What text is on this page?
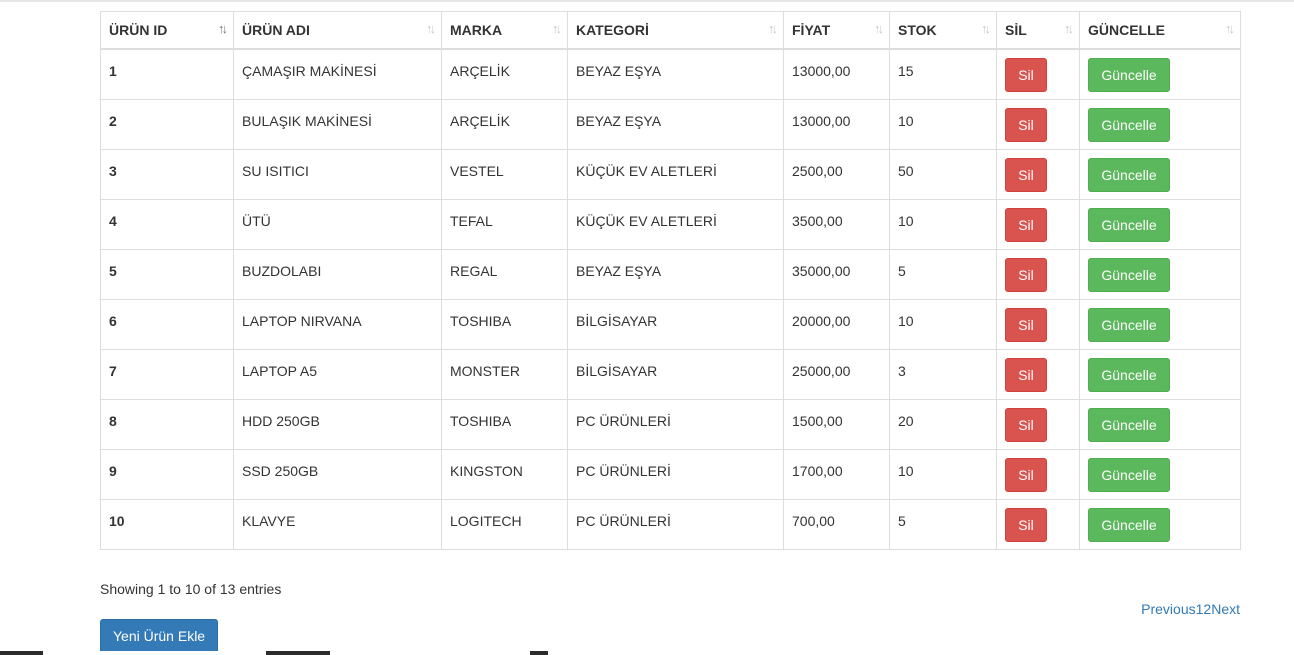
ÜRÜN ID ↑↓	ÜRÜN ADI ↑↓	MARKA ↑↓	KATEGORİ ↑↓	FİYAT ↑↓	STOK ↑↓	SİL ↑↓	GÜNCELLE ↑↓

1	ÇAMAŞIR MAKİNESİ	ARÇELİK	BEYAZ EŞYA	13000,00	15	Sil	Güncelle
2	BULAŞIK MAKİNESİ	ARÇELİK	BEYAZ EŞYA	13000,00	10	Sil	Güncelle
3	SU ISITICI	VESTEL	KÜÇÜK EV ALETLERİ	2500,00	50	Sil	Güncelle
4	ÜTÜ	TEFAL	KÜÇÜK EV ALETLERİ	3500,00	10	Sil	Güncelle
5	BUZDOLABI	REGAL	BEYAZ EŞYA	35000,00	5	Sil	Güncelle
6	LAPTOP NIRVANA	TOSHIBA	BİLGİSAYAR	20000,00	10	Sil	Güncelle
7	LAPTOP A5	MONSTER	BİLGİSAYAR	25000,00	3	Sil	Güncelle
8	HDD 250GB	TOSHIBA	PC ÜRÜNLERİ	1500,00	20	Sil	Güncelle
9	SSD 250GB	KINGSTON	PC ÜRÜNLERİ	1700,00	10	Sil	Güncelle
10	KLAVYE	LOGITECH	PC ÜRÜNLERİ	700,00	5	Sil	Güncelle
Showing 1 to 10 of 13 entries
Previous12Next
Yeni Ürün Ekle
